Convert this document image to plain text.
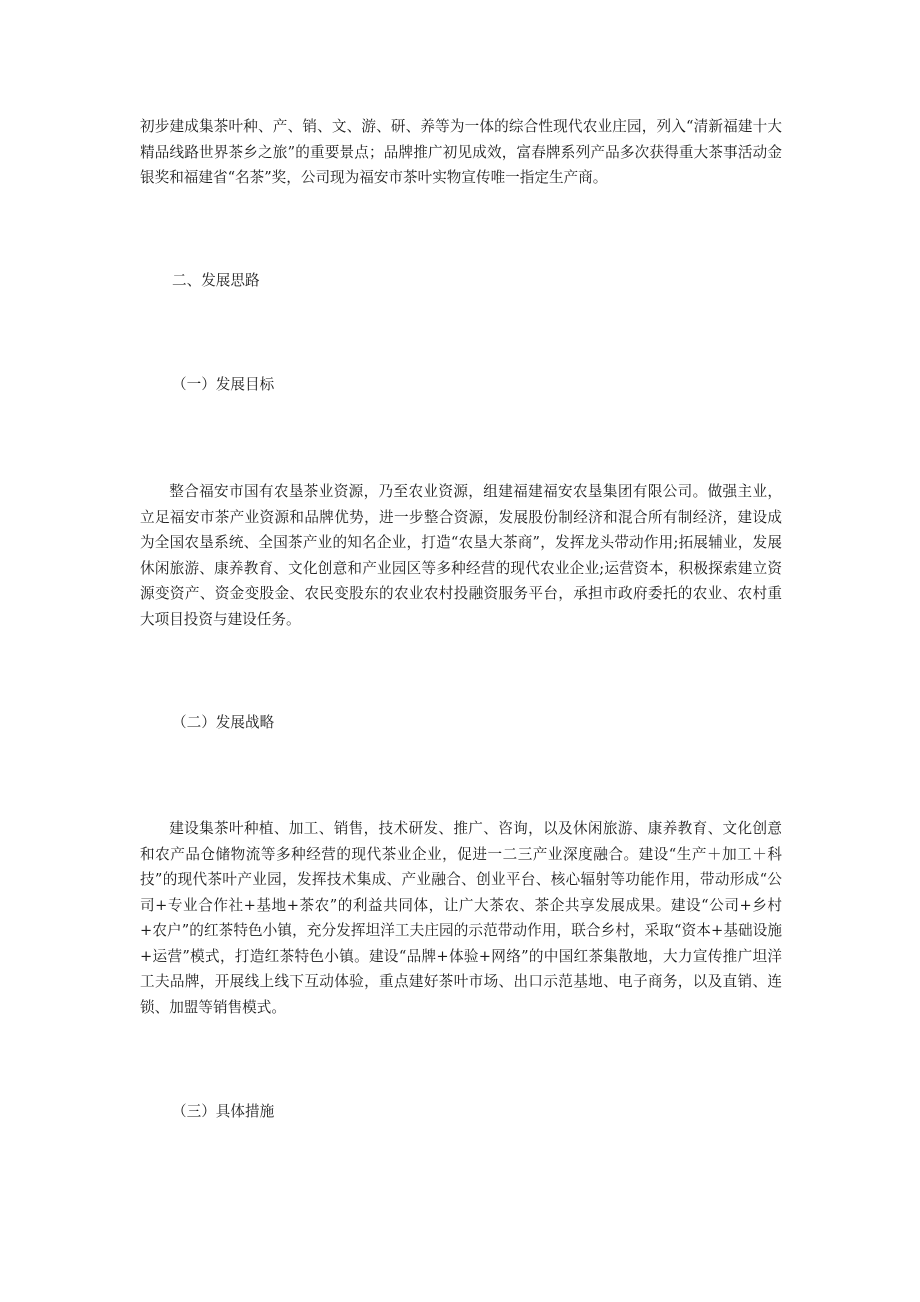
初步建成集茶叶种、产、销、文、游、研、养等为一体的综合性现代农业庄园，列入“清新福建十大精品线路世界茶乡之旅”的重要景点；品牌推广初见成效，富春牌系列产品多次获得重大茶事活动金银奖和福建省“名茶”奖，公司现为福安市茶叶实物宣传唯一指定生产商。

二、发展思路

（一）发展目标

整合福安市国有农垦茶业资源，乃至农业资源，组建福建福安农垦集团有限公司。做强主业，立足福安市茶产业资源和品牌优势，进一步整合资源，发展股份制经济和混合所有制经济，建设成为全国农垦系统、全国茶产业的知名企业，打造“农垦大茶商”，发挥龙头带动作用;拓展辅业，发展休闲旅游、康养教育、文化创意和产业园区等多种经营的现代农业企业;运营资本，积极探索建立资源变资产、资金变股金、农民变股东的农业农村投融资服务平台，承担市政府委托的农业、农村重大项目投资与建设任务。

（二）发展战略

建设集茶叶种植、加工、销售，技术研发、推广、咨询，以及休闲旅游、康养教育、文化创意和农产品仓储物流等多种经营的现代茶业企业，促进一二三产业深度融合。建设“生产＋加工＋科技”的现代茶叶产业园，发挥技术集成、产业融合、创业平台、核心辐射等功能作用，带动形成“公司+专业合作社+基地+茶农”的利益共同体，让广大茶农、茶企共享发展成果。建设“公司+乡村+农户”的红茶特色小镇，充分发挥坦洋工夫庄园的示范带动作用，联合乡村，采取“资本+基础设施+运营”模式，打造红茶特色小镇。建设“品牌+体验+网络”的中国红茶集散地，大力宣传推广坦洋工夫品牌，开展线上线下互动体验，重点建好茶叶市场、出口示范基地、电子商务，以及直销、连锁、加盟等销售模式。

（三）具体措施
